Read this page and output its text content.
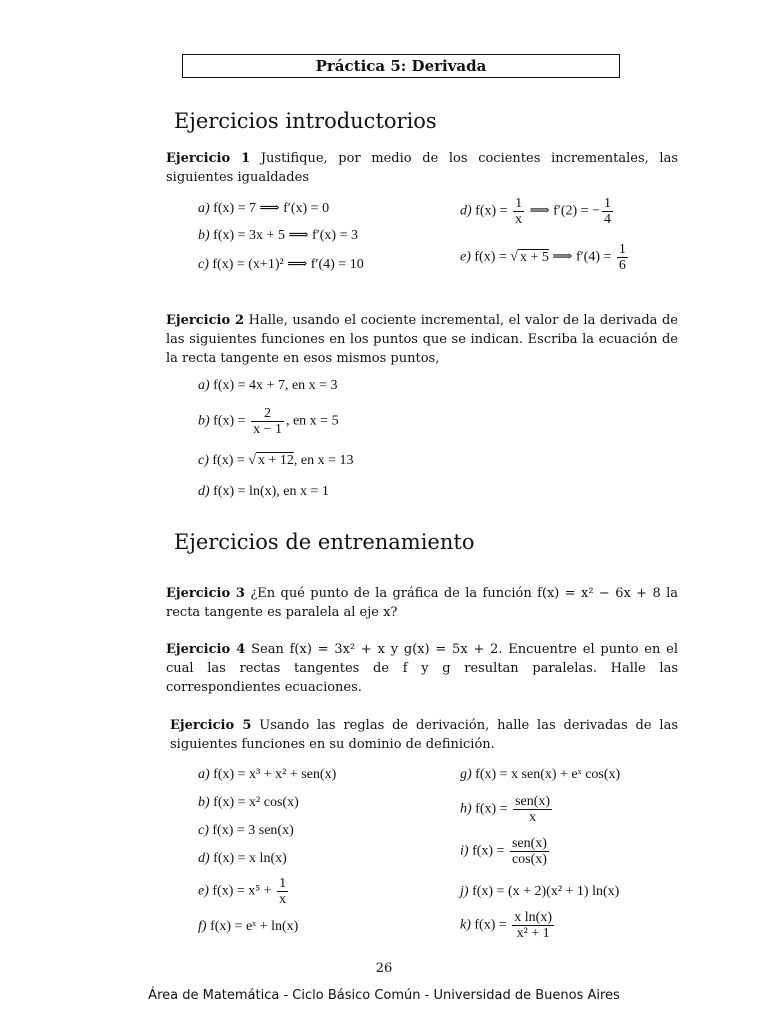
Práctica 5: Derivada
Ejercicios introductorios
Ejercicio 1 Justifique, por medio de los cocientes incrementales, las siguientes igualdades
a) f(x) = 7 ⟹ f′(x) = 0
b) f(x) = 3x + 5 ⟹ f′(x) = 3
c) f(x) = (x+1)² ⟹ f′(4) = 10
d) $f(x) = \frac{1}{x}$ ⟹ f′(2) = − $\frac{1}{4}$
e) f(x) = √ x + 5 ⟹ $f'(4) = \frac{1}{6}$
Ejercicio 2 Halle, usando el cociente incremental, el valor de la derivada de las siguientes funciones en los puntos que se indican. Escriba la ecuación de la recta tangente en esos mismos puntos,
a) f(x) = 4x + 7, en x = 3
b) $f(x) = \frac{2}{x - 1}$ , en x = 5
c) f(x) = √ x + 12, en x = 13
d) f(x) = ln(x), en x = 1
Ejercicios de entrenamiento
Ejercicio 3 ¿En qué punto de la gráfica de la función f(x) = x² − 6x + 8 la recta tangente es paralela al eje x?
Ejercicio 4 Sean f(x) = 3x² + x y g(x) = 5x + 2. Encuentre el punto en el cual las rectas tangentes de f y g resultan paralelas. Halle las correspondientes ecuaciones.
Ejercicio 5 Usando las reglas de derivación, halle las derivadas de las siguientes funciones en su dominio de definición.
a) f(x) = x³ + x² + sen(x)
b) f(x) = x² cos(x)
c) f(x) = 3 sen(x)
d) f(x) = x ln(x)
e) $f(x) = x^5 + \frac{1}{x}$
f) f(x) = eˣ + ln(x)
g) f(x) = x sen(x) + eˣ cos(x)
h) $f(x) = \frac{\text{sen(x)}}{x}$
i) $f(x) = \frac{\text{sen(x)}}{\cos(x)}$
j) f(x) = (x + 2)(x² + 1) ln(x)
k) $f(x) = \frac{\text{x ln(x)}}{\text{x² + 1}}$
26
Área de Matemática - Ciclo Básico Común - Universidad de Buenos Aires
